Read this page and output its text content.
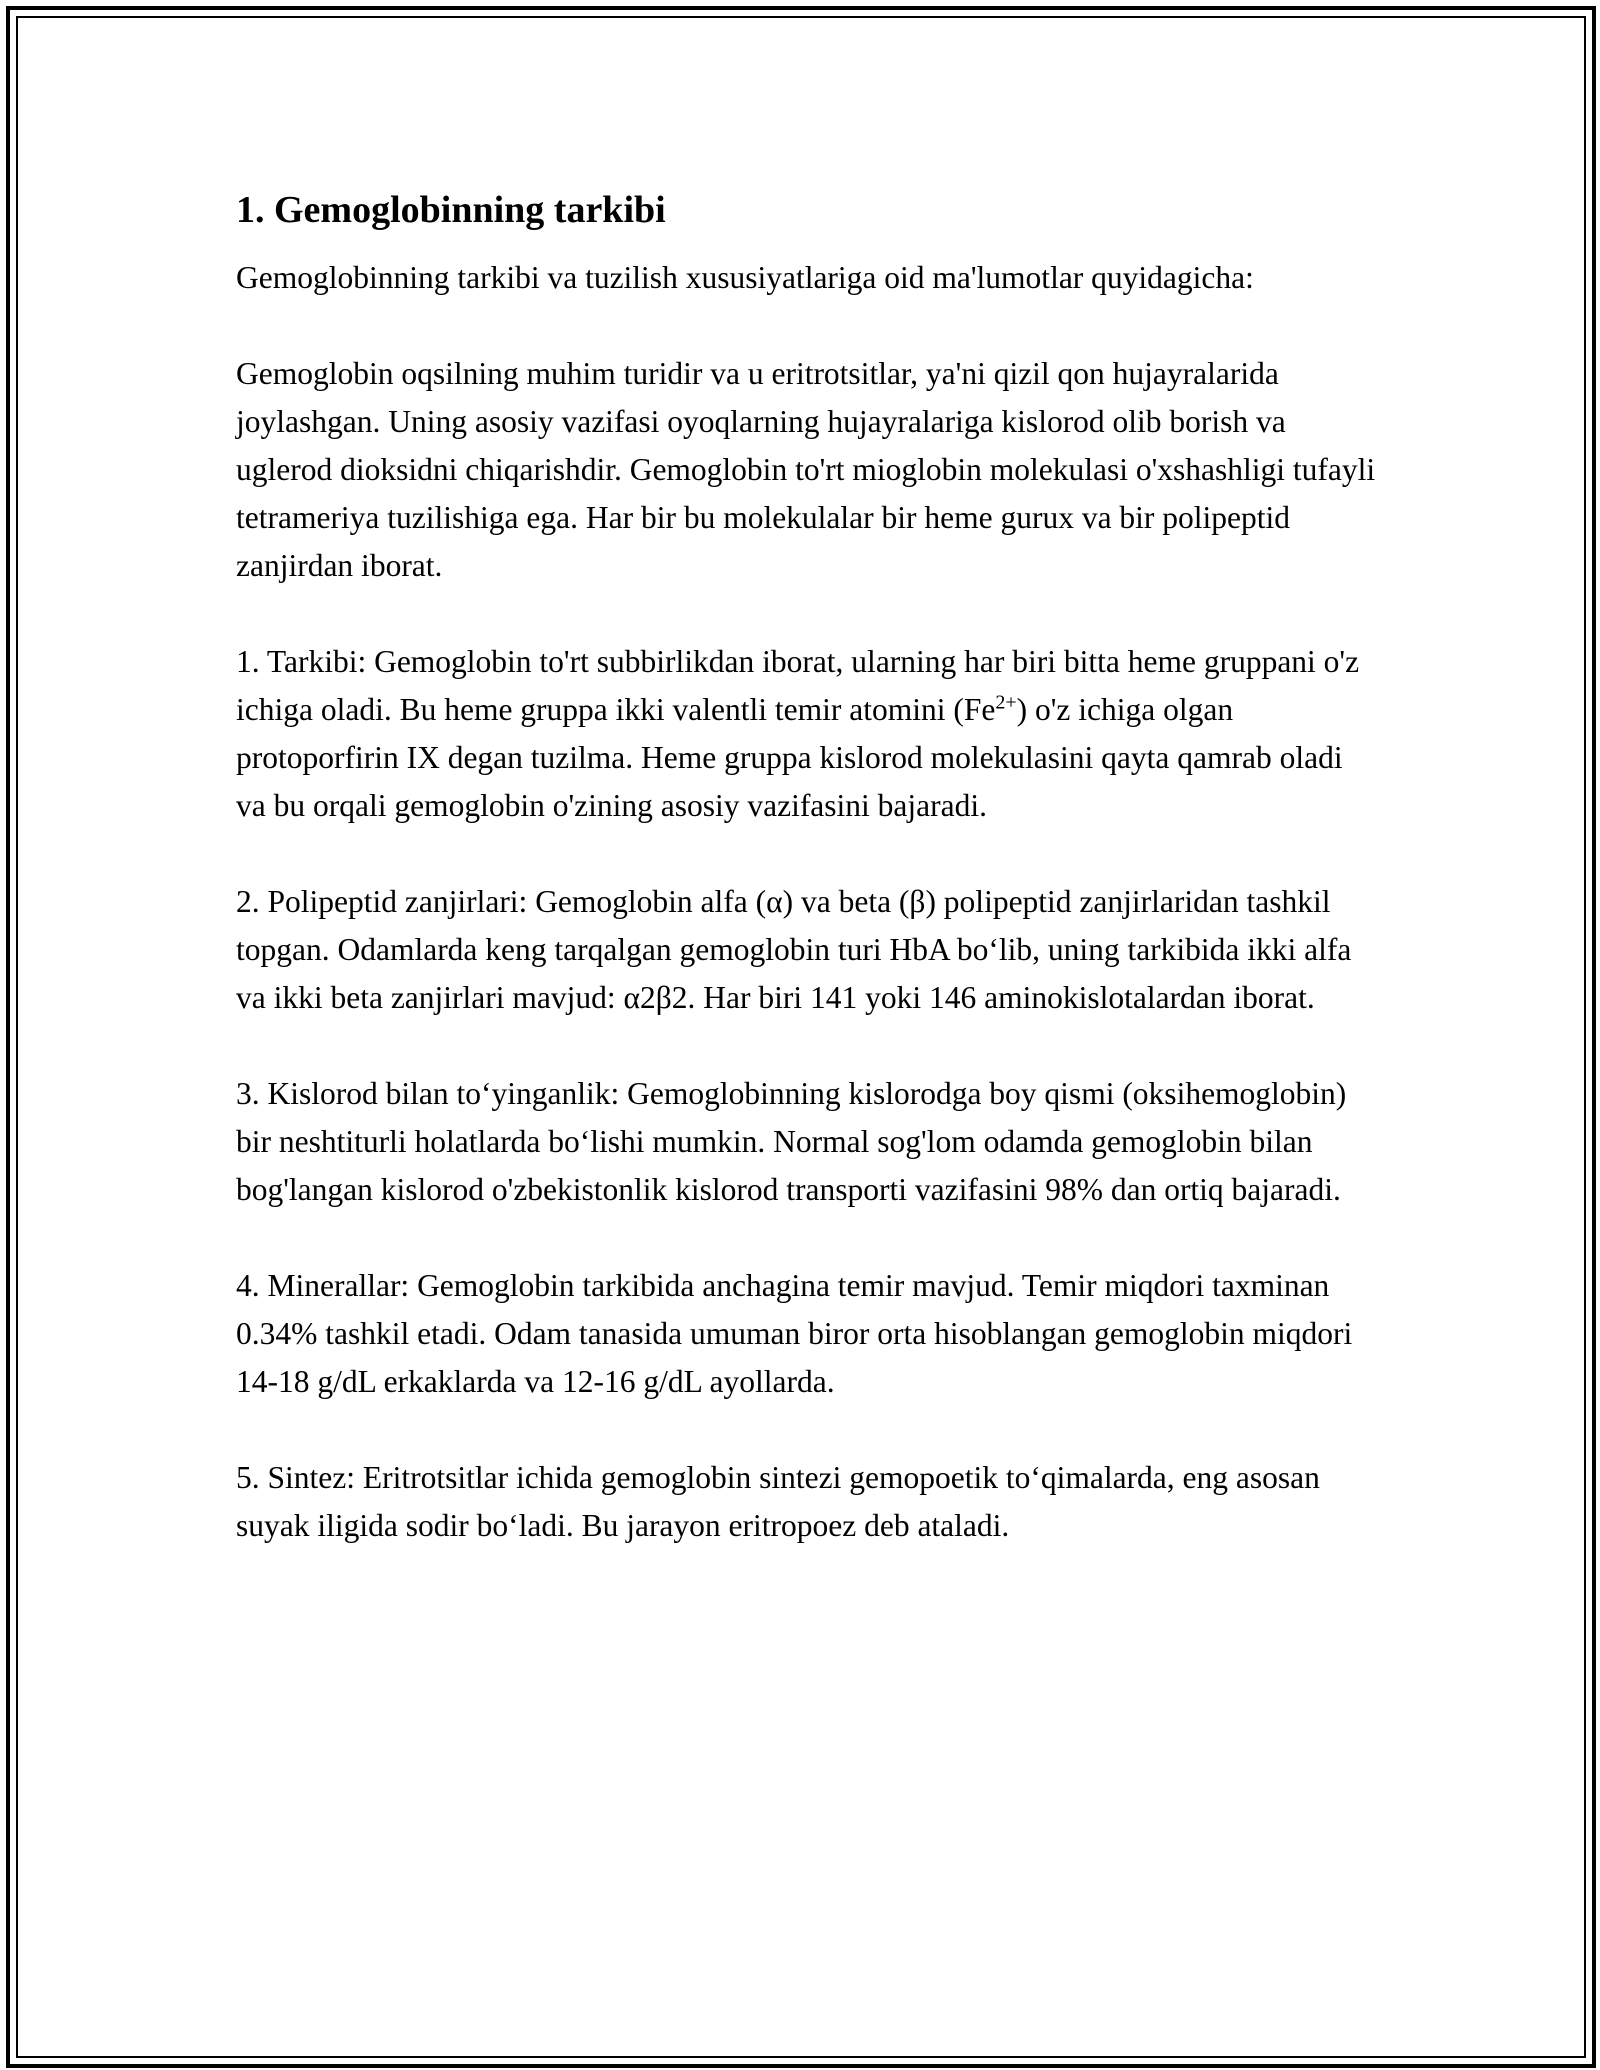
1. Gemoglobinning tarkibi

Gemoglobinning tarkibi va tuzilish xususiyatlariga oid ma'lumotlar quyidagicha:

Gemoglobin oqsilning muhim turidir va u eritrotsitlar, ya'ni qizil qon hujayralarida joylashgan. Uning asosiy vazifasi oyoqlarning hujayralariga kislorod olib borish va uglerod dioksidni chiqarishdir. Gemoglobin to'rt mioglobin molekulasi o'xshashligi tufayli tetrameriya tuzilishiga ega. Har bir bu molekulalar bir heme gurux va bir polipeptid zanjirdan iborat.

1. Tarkibi: Gemoglobin to'rt subbirlikdan iborat, ularning har biri bitta heme gruppani o'z ichiga oladi. Bu heme gruppa ikki valentli temir atomini $(Fe^{2+})$ o'z ichiga olgan protoporfirin IX degan tuzilma. Heme gruppa kislorod molekulasini qayta qamrab oladi va bu orqali gemoglobin o'zining asosiy vazifasini bajaradi.

2. Polipeptid zanjirlari: Gemoglobin alfa (α) va beta (β) polipeptid zanjirlaridan tashkil topgan. Odamlarda keng tarqalgan gemoglobin turi HbA bo‘lib, uning tarkibida ikki alfa va ikki beta zanjirlari mavjud: α2β2. Har biri 141 yoki 146 aminokislotalardan iborat.

3. Kislorod bilan to‘yinganlik: Gemoglobinning kislorodga boy qismi (oksihemoglobin) bir neshtiturli holatlarda bo‘lishi mumkin. Normal sog'lom odamda gemoglobin bilan bog'langan kislorod o'zbekistonlik kislorod transporti vazifasini 98% dan ortiq bajaradi.

4. Minerallar: Gemoglobin tarkibida anchagina temir mavjud. Temir miqdori taxminan 0.34% tashkil etadi. Odam tanasida umuman biror orta hisoblangan gemoglobin miqdori 14-18 g/dL erkaklarda va 12-16 g/dL ayollarda.

5. Sintez: Eritrotsitlar ichida gemoglobin sintezi gemopoetik to‘qimalarda, eng asosan suyak iligida sodir bo‘ladi. Bu jarayon eritropoez deb ataladi.
